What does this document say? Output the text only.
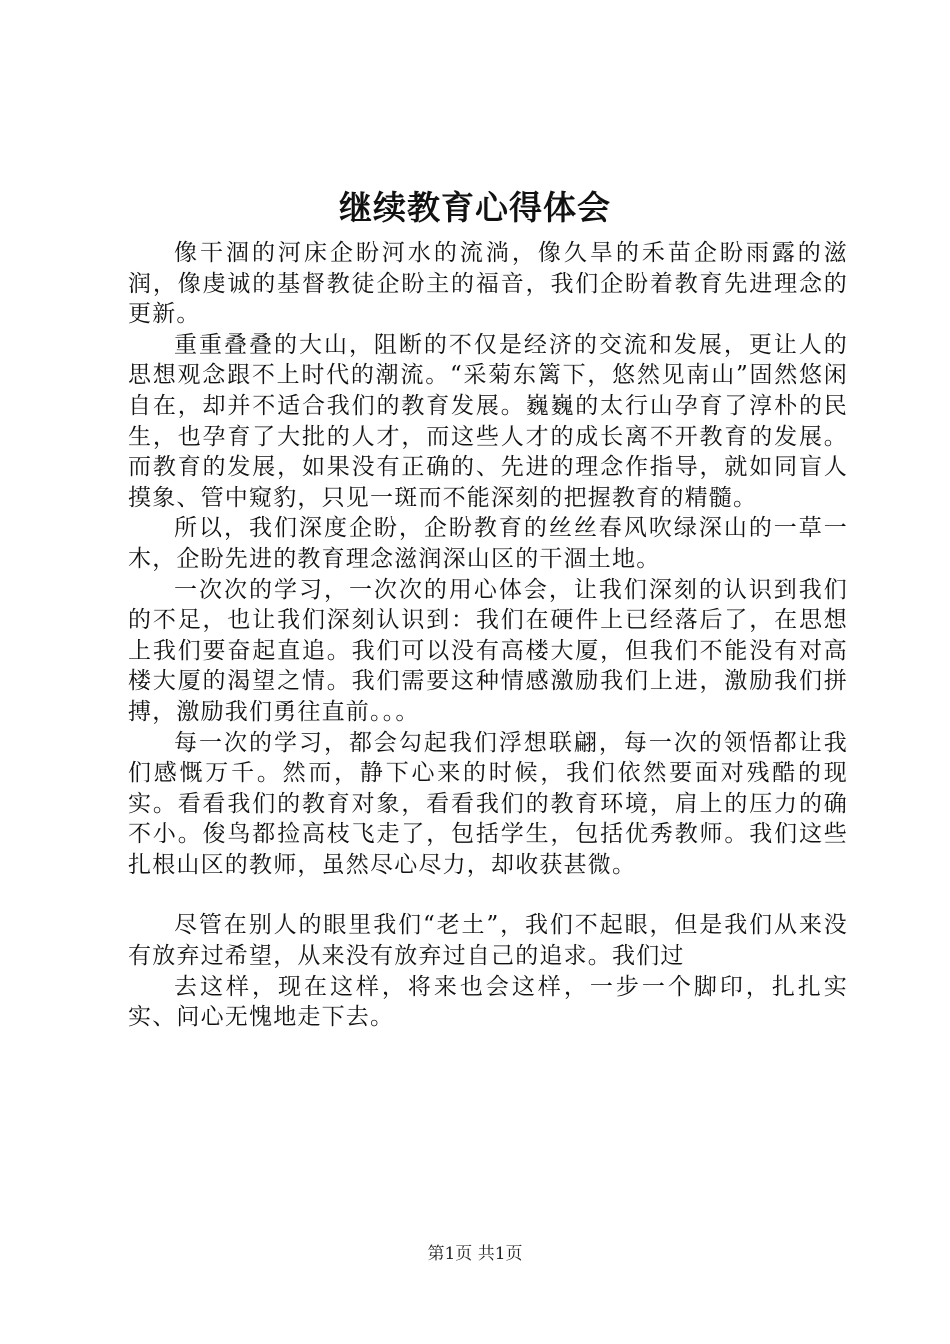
继续教育心得体会

像干涸的河床企盼河水的流淌，像久旱的禾苗企盼雨露的滋润，像虔诚的基督教徒企盼主的福音，我们企盼着教育先进理念的更新。

重重叠叠的大山，阻断的不仅是经济的交流和发展，更让人的思想观念跟不上时代的潮流。“采菊东篱下，悠然见南山”固然悠闲自在，却并不适合我们的教育发展。巍巍的太行山孕育了淳朴的民生，也孕育了大批的人才，而这些人才的成长离不开教育的发展。而教育的发展，如果没有正确的、先进的理念作指导，就如同盲人摸象、管中窥豹，只见一斑而不能深刻的把握教育的精髓。

所以，我们深度企盼，企盼教育的丝丝春风吹绿深山的一草一木，企盼先进的教育理念滋润深山区的干涸土地。

一次次的学习，一次次的用心体会，让我们深刻的认识到我们的不足，也让我们深刻认识到：我们在硬件上已经落后了，在思想上我们要奋起直追。我们可以没有高楼大厦，但我们不能没有对高楼大厦的渴望之情。我们需要这种情感激励我们上进，激励我们拼搏，激励我们勇往直前。。。

每一次的学习，都会勾起我们浮想联翩，每一次的领悟都让我们感慨万千。然而，静下心来的时候，我们依然要面对残酷的现实。看看我们的教育对象，看看我们的教育环境，肩上的压力的确不小。俊鸟都捡高枝飞走了，包括学生，包括优秀教师。我们这些扎根山区的教师，虽然尽心尽力，却收获甚微。

尽管在别人的眼里我们“老土”，我们不起眼，但是我们从来没有放弃过希望，从来没有放弃过自己的追求。我们过

去这样，现在这样，将来也会这样，一步一个脚印，扎扎实实、问心无愧地走下去。

第1页 共1页
